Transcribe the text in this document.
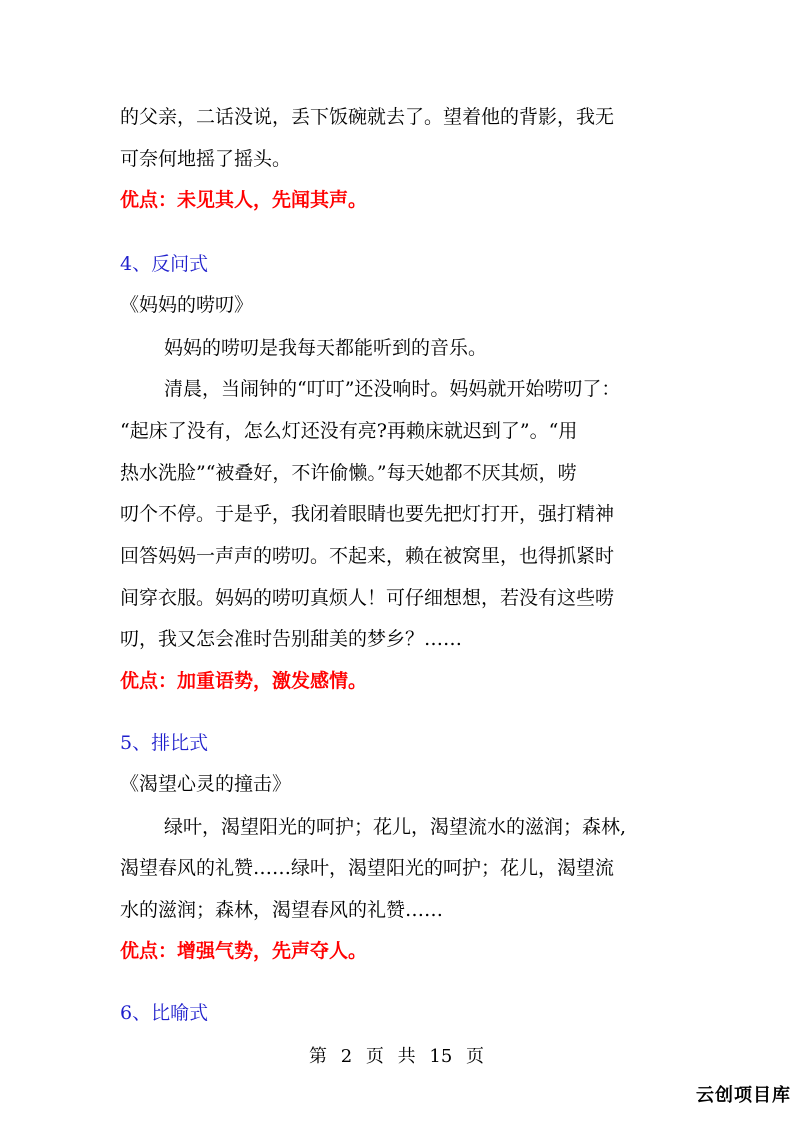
的父亲，二话没说，丢下饭碗就去了。望着他的背影，我无
可奈何地摇了摇头。
优点：未见其人，先闻其声。
4、反问式
《妈妈的唠叨》
妈妈的唠叨是我每天都能听到的音乐。
清晨，当闹钟的“叮叮”还没响时。妈妈就开始唠叨了：
“起床了没有，怎么灯还没有亮?再赖床就迟到了”。“用
热水洗脸”“被叠好，不许偷懒。”每天她都不厌其烦，唠
叨个不停。于是乎，我闭着眼睛也要先把灯打开，强打精神
回答妈妈一声声的唠叨。不起来，赖在被窝里，也得抓紧时
间穿衣服。妈妈的唠叨真烦人！可仔细想想，若没有这些唠
叨，我又怎会准时告别甜美的梦乡？……
优点：加重语势，激发感情。
5、排比式
《渴望心灵的撞击》
绿叶，渴望阳光的呵护；花儿，渴望流水的滋润；森林,
渴望春风的礼赞……绿叶，渴望阳光的呵护；花儿，渴望流
水的滋润；森林，渴望春风的礼赞……
优点：增强气势，先声夺人。
6、比喻式
第 2 页 共 15 页
云创项目库
